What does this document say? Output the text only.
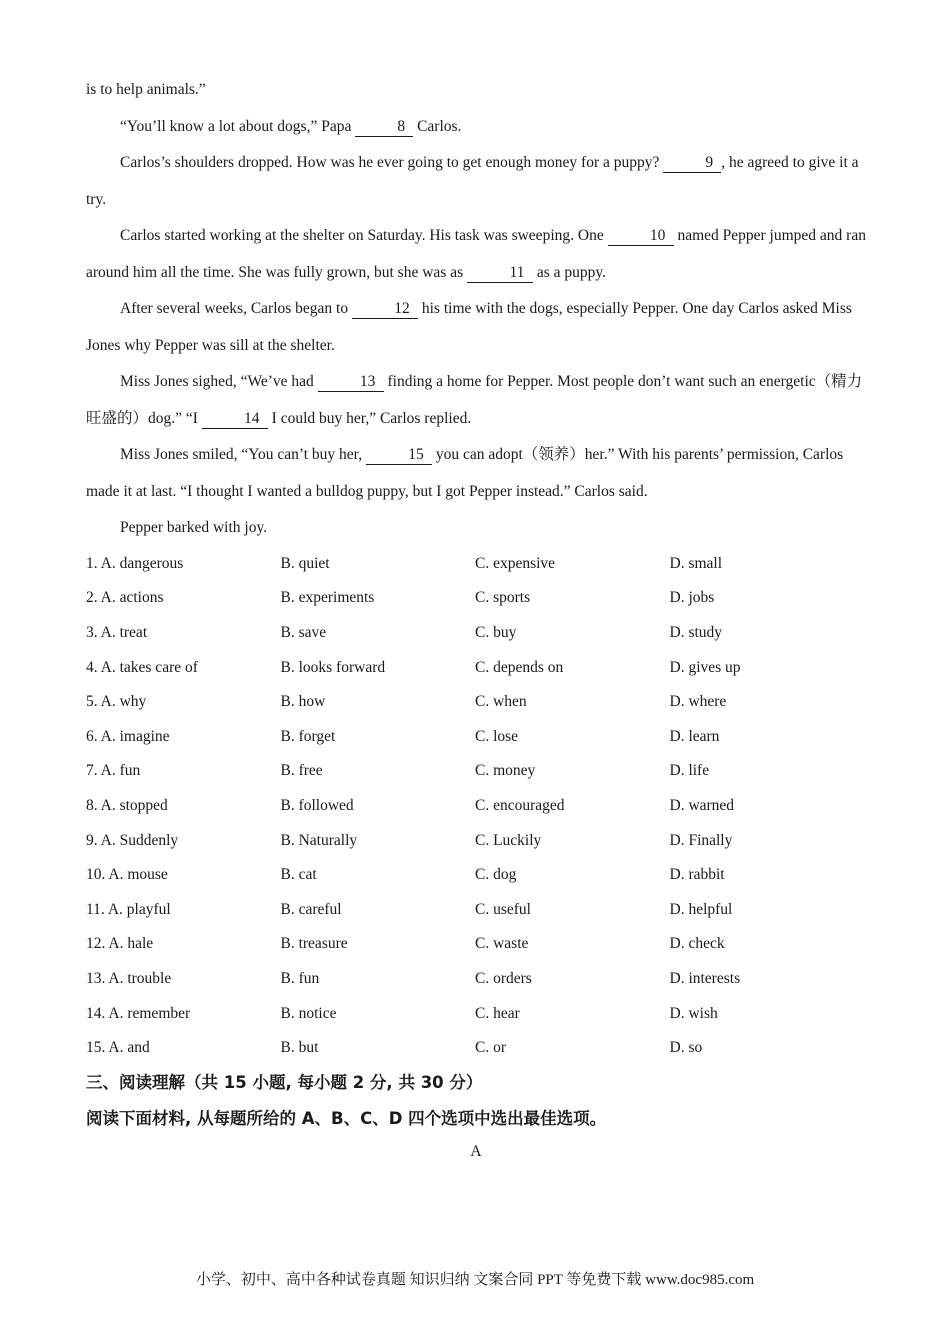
is to help animals.”

“You’ll know a lot about dogs,” Papa	8 Carlos.

Carlos’s shoulders dropped. How was he ever going to get enough money for a puppy?	9 , he agreed to give it a try.

Carlos started working at the shelter on Saturday. His task was sweeping. One	10 named Pepper jumped and ran around him all the time. She was fully grown, but she was as	11 as a puppy.

After several weeks, Carlos began to	12 his time with the dogs, especially Pepper. One day Carlos asked Miss Jones why Pepper was sill at the shelter.

Miss Jones sighed, “We’ve had	13 finding a home for Pepper. Most people don’t want such an energetic（精力旺盛的）dog.” “I	14 I could buy her,” Carlos replied.

Miss Jones smiled, “You can’t buy her,	15 you can adopt（领养）her.” With his parents’ permission, Carlos made it at last. “I thought I wanted a bulldog puppy, but I got Pepper instead.” Carlos said.

Pepper barked with joy.

1. A. dangerous	B. quiet	C. expensive	D. small
2. A. actions	B. experiments	C. sports	D. jobs
3. A. treat	B. save	C. buy	D. study
4. A. takes care of	B. looks forward	C. depends on	D. gives up
5. A. why	B. how	C. when	D. where
6. A. imagine	B. forget	C. lose	D. learn
7. A. fun	B. free	C. money	D. life
8. A. stopped	B. followed	C. encouraged	D. warned
9. A. Suddenly	B. Naturally	C. Luckily	D. Finally
10. A. mouse	B. cat	C. dog	D. rabbit
11. A. playful	B. careful	C. useful	D. helpful
12. A. hale	B. treasure	C. waste	D. check
13. A. trouble	B. fun	C. orders	D. interests
14. A. remember	B. notice	C. hear	D. wish
15. A. and	B. but	C. or	D. so

三、阅读理解（共 15 小题, 每小题 2 分, 共 30 分）

阅读下面材料, 从每题所给的 A、B、C、D 四个选项中选出最佳选项。

A

小学、初中、高中各种试卷真题 知识归纳 文案合同 PPT 等免费下载 www.doc985.com
